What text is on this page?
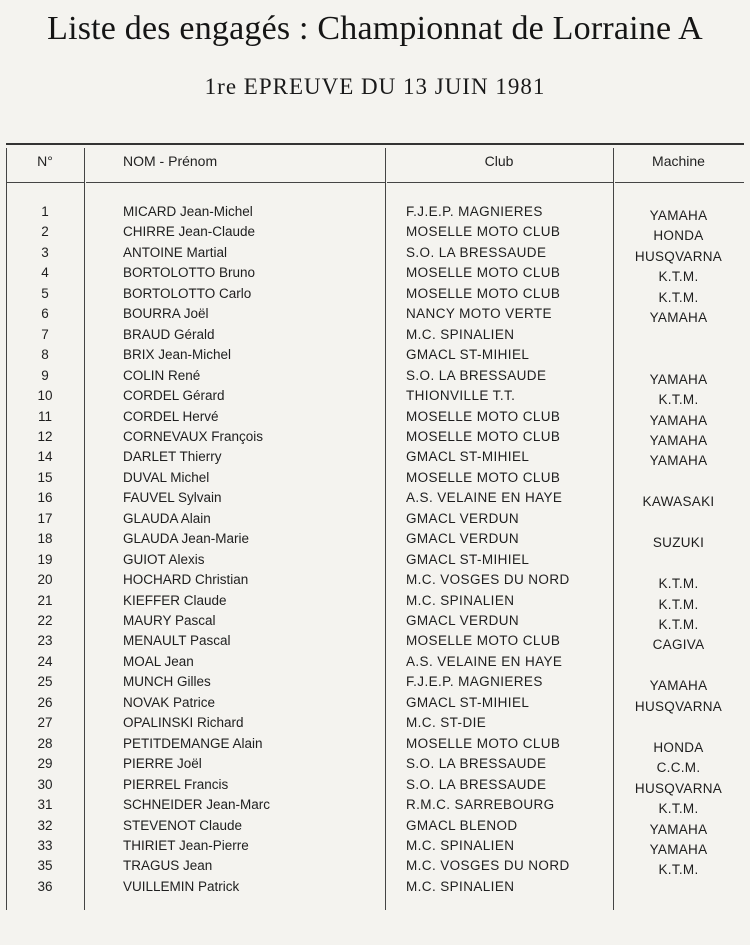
Liste des engagés : Championnat de Lorraine A
1re EPREUVE DU 13 JUIN 1981
N°	NOM - Prénom	Club	Machine
1	MICARD Jean-Michel	F.J.E.P. MAGNIERES	YAMAHA
2	CHIRRE Jean-Claude	MOSELLE MOTO CLUB	HONDA
3	ANTOINE Martial	S.O. LA BRESSAUDE	HUSQVARNA
4	BORTOLOTTO Bruno	MOSELLE MOTO CLUB	K.T.M.
5	BORTOLOTTO Carlo	MOSELLE MOTO CLUB	K.T.M.
6	BOURRA Joël	NANCY MOTO VERTE	YAMAHA
7	BRAUD Gérald	M.C. SPINALIEN
8	BRIX Jean-Michel	GMACL ST-MIHIEL
9	COLIN René	S.O. LA BRESSAUDE	YAMAHA
10	CORDEL Gérard	THIONVILLE T.T.	K.T.M.
11	CORDEL Hervé	MOSELLE MOTO CLUB	YAMAHA
12	CORNEVAUX François	MOSELLE MOTO CLUB	YAMAHA
14	DARLET Thierry	GMACL ST-MIHIEL	YAMAHA
15	DUVAL Michel	MOSELLE MOTO CLUB
16	FAUVEL Sylvain	A.S. VELAINE EN HAYE	KAWASAKI
17	GLAUDA Alain	GMACL VERDUN
18	GLAUDA Jean-Marie	GMACL VERDUN	SUZUKI
19	GUIOT Alexis	GMACL ST-MIHIEL
20	HOCHARD Christian	M.C. VOSGES DU NORD	K.T.M.
21	KIEFFER Claude	M.C. SPINALIEN	K.T.M.
22	MAURY Pascal	GMACL VERDUN	K.T.M.
23	MENAULT Pascal	MOSELLE MOTO CLUB	CAGIVA
24	MOAL Jean	A.S. VELAINE EN HAYE
25	MUNCH Gilles	F.J.E.P. MAGNIERES	YAMAHA
26	NOVAK Patrice	GMACL ST-MIHIEL	HUSQVARNA
27	OPALINSKI Richard	M.C. ST-DIE
28	PETITDEMANGE Alain	MOSELLE MOTO CLUB	HONDA
29	PIERRE Joël	S.O. LA BRESSAUDE	C.C.M.
30	PIERREL Francis	S.O. LA BRESSAUDE	HUSQVARNA
31	SCHNEIDER Jean-Marc	R.M.C. SARREBOURG	K.T.M.
32	STEVENOT Claude	GMACL BLENOD	YAMAHA
33	THIRIET Jean-Pierre	M.C. SPINALIEN	YAMAHA
35	TRAGUS Jean	M.C. VOSGES DU NORD	K.T.M.
36	VUILLEMIN Patrick	M.C. SPINALIEN
